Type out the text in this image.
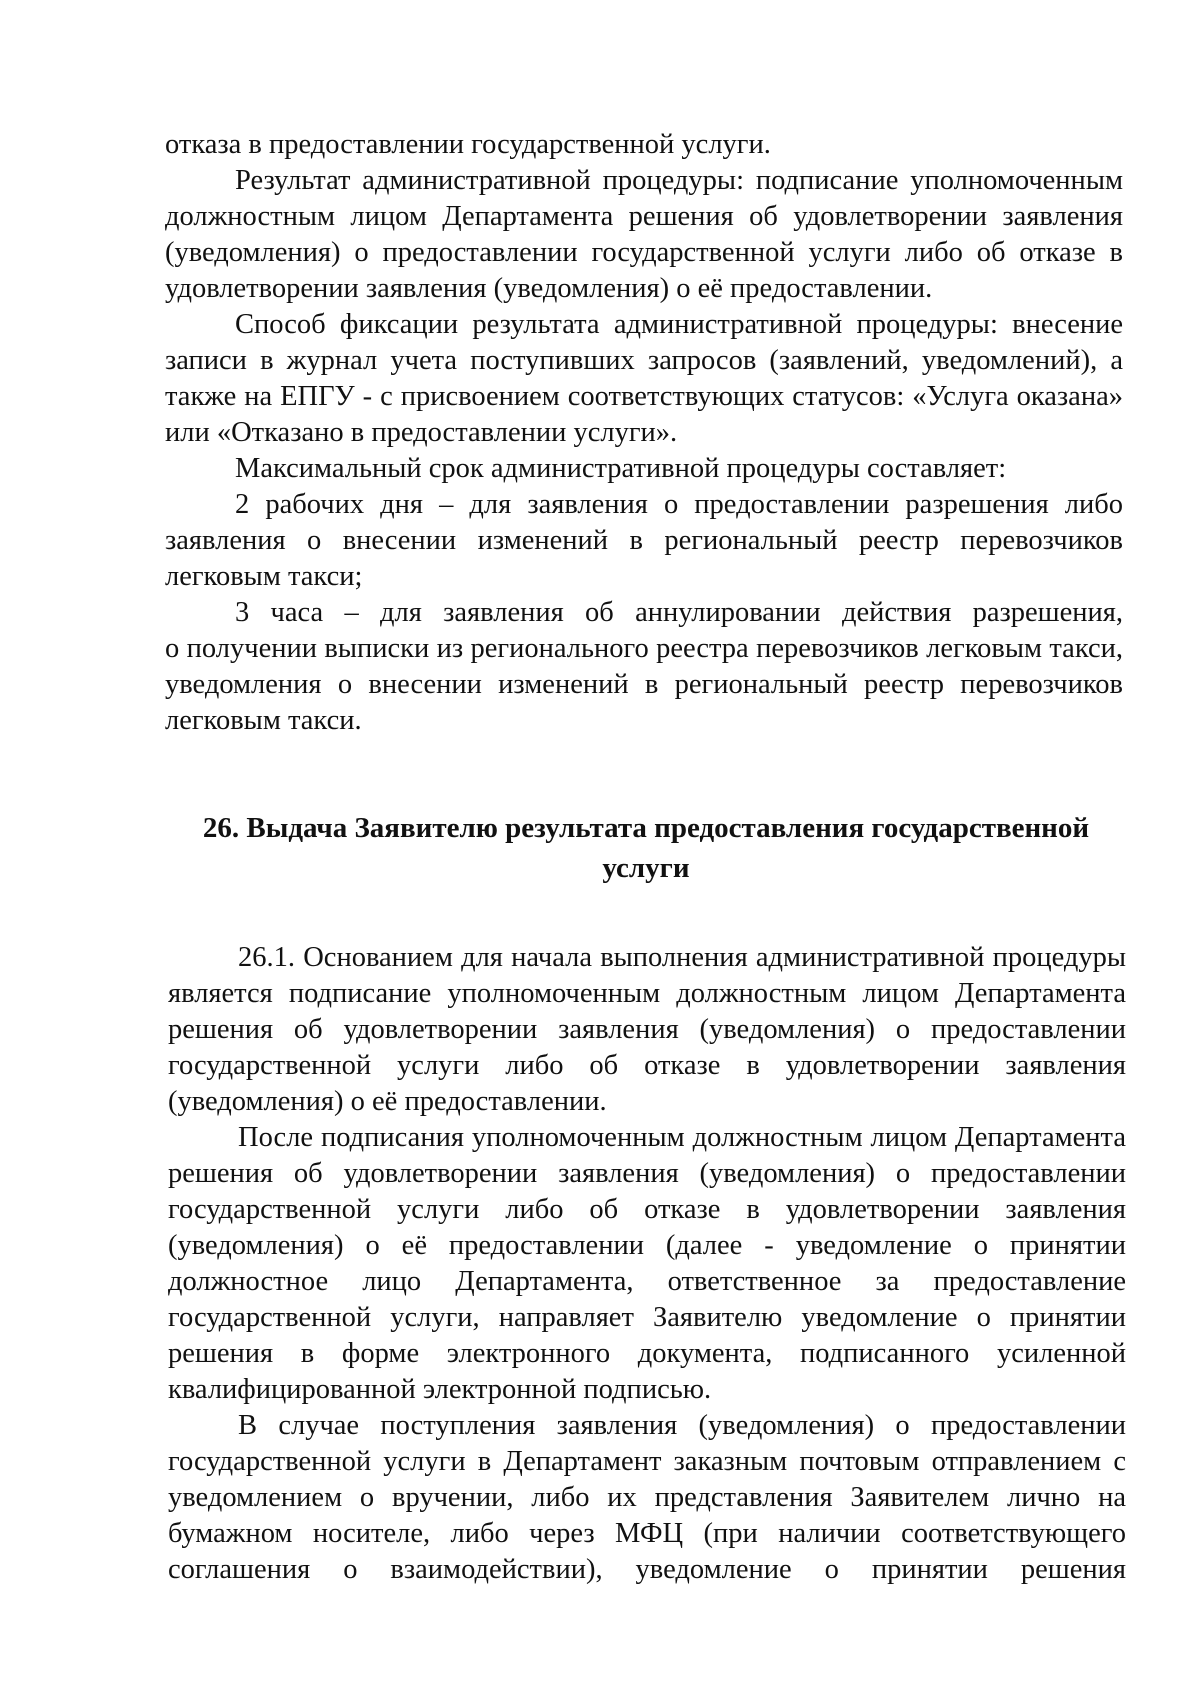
отказа в предоставлении государственной услуги.
Результат административной процедуры: подписание уполномоченным
должностным лицом Департамента решения об удовлетворении заявления
(уведомления) о предоставлении государственной услуги либо об отказе в
удовлетворении заявления (уведомления) о её предоставлении.
Способ фиксации результата административной процедуры: внесение
записи в журнал учета поступивших запросов (заявлений, уведомлений), а
также на ЕПГУ - с присвоением соответствующих статусов: «Услуга оказана»
или «Отказано в предоставлении услуги».
Максимальный срок административной процедуры составляет:
2 рабочих дня – для заявления о предоставлении разрешения либо
заявления о внесении изменений в региональный реестр перевозчиков
легковым такси;
3 часа – для заявления об аннулировании действия разрешения,
о получении выписки из регионального реестра перевозчиков легковым такси,
уведомления о внесении изменений в региональный реестр перевозчиков
легковым такси.
26. Выдача Заявителю результата предоставления государственной
услуги
26.1. Основанием для начала выполнения административной процедуры
является подписание уполномоченным должностным лицом Департамента
решения об удовлетворении заявления (уведомления) о предоставлении
государственной услуги либо об отказе в удовлетворении заявления
(уведомления) о её предоставлении.
После подписания уполномоченным должностным лицом Департамента
решения об удовлетворении заявления (уведомления) о предоставлении
государственной услуги либо об отказе в удовлетворении заявления
(уведомления) о её предоставлении (далее - уведомление о принятии
должностное лицо Департамента, ответственное за предоставление
государственной услуги, направляет Заявителю уведомление о принятии
решения в форме электронного документа, подписанного усиленной
квалифицированной электронной подписью.
В случае поступления заявления (уведомления) о предоставлении
государственной услуги в Департамент заказным почтовым отправлением с
уведомлением о вручении, либо их представления Заявителем лично на
бумажном носителе, либо через МФЦ (при наличии соответствующего
соглашения о взаимодействии), уведомление о принятии решения
